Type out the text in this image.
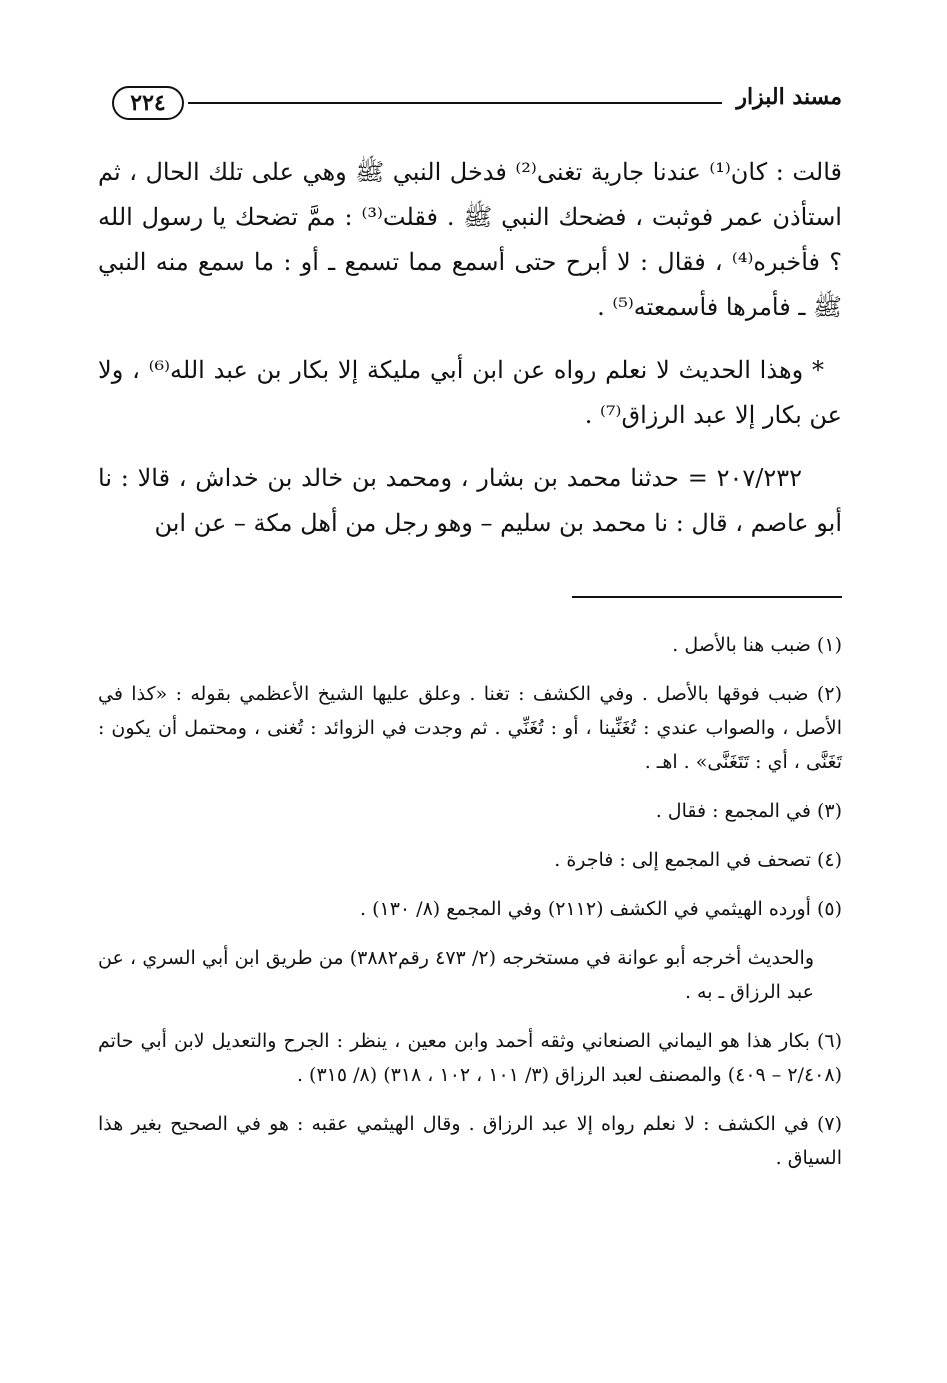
٢٢٤	مسند البزار

قالت : كان⁽¹⁾ عندنا جارية تغنى⁽²⁾ فدخل النبي ﷺ وهي على تلك الحال ، ثم استأذن عمر فوثبت ، فضحك النبي ﷺ . فقلت⁽³⁾ : ممَّ تضحك يا رسول الله ؟ فأخبره⁽⁴⁾ ، فقال : لا أبرح حتى أسمع مما تسمع ـ أو : ما سمع منه النبي ﷺ ـ فأمرها فأسمعته⁽⁵⁾ .

* وهذا الحديث لا نعلم رواه عن ابن أبي مليكة إلا بكار بن عبد الله⁽⁶⁾ ، ولا عن بكار إلا عبد الرزاق⁽⁷⁾ .

٢٠٧/٢٣٢ = حدثنا محمد بن بشار ، ومحمد بن خالد بن خداش ، قالا : نا أبو عاصم ، قال : نا محمد بن سليم – وهو رجل من أهل مكة – عن ابن

(١) ضبب هنا بالأصل .
(٢) ضبب فوقها بالأصل . وفي الكشف : تغنا . وعلق عليها الشيخ الأعظمي بقوله : «كذا في الأصل ، والصواب عندي : تُغَنِّينا ، أو : تُغَنِّي . ثم وجدت في الزوائد : تُغنى ، ومحتمل أن يكون : تَغَنَّى ، أي : تَتَغَنَّى» . اهـ .
(٣) في المجمع : فقال .
(٤) تصحف في المجمع إلى : فاجرة .
(٥) أورده الهيثمي في الكشف (٢١١٢) وفي المجمع (٨/ ١٣٠) .
والحديث أخرجه أبو عوانة في مستخرجه (٢/ ٤٧٣ رقم٣٨٨٢) من طريق ابن أبي السري ، عن عبد الرزاق ـ به .
(٦) بكار هذا هو اليماني الصنعاني وثقه أحمد وابن معين ، ينظر : الجرح والتعديل لابن أبي حاتم (٢/٤٠٨ – ٤٠٩) والمصنف لعبد الرزاق (٣/ ١٠١ ، ١٠٢ ، ٣١٨) (٨/ ٣١٥) .
(٧) في الكشف : لا نعلم رواه إلا عبد الرزاق . وقال الهيثمي عقبه : هو في الصحيح بغير هذا السياق .
